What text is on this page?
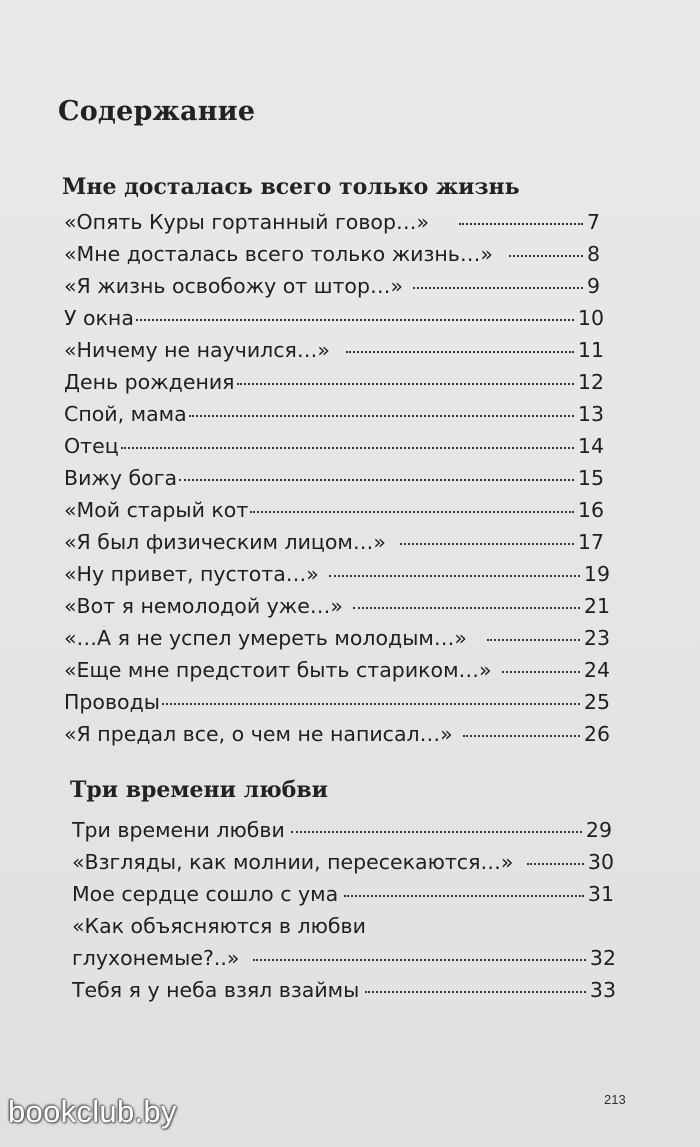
Содержание
Мне досталась всего только жизнь
«Опять Куры гортанный говор…»	7
«Мне досталась всего только жизнь…»	8
«Я жизнь освобожу от штор…»	9
У окна	10
«Ничему не научился…»	11
День рождения	12
Спой, мама	13
Отец	14
Вижу бога	15
«Мой старый кот	16
«Я был физическим лицом…»	17
«Ну привет, пустота…»	19
«Вот я немолодой уже…»	21
«…А я не успел умереть молодым…»	23
«Еще мне предстоит быть стариком…»	24
Проводы	25
«Я предал все, о чем не написал…»	26
Три времени любви
Три времени любви	29
«Взгляды, как молнии, пересекаются…»	30
Мое сердце сошло с ума	31
«Как объясняются в любви
глухонемые?..»	32
Тебя я у неба взял взаймы	33
213
bookclub.by
